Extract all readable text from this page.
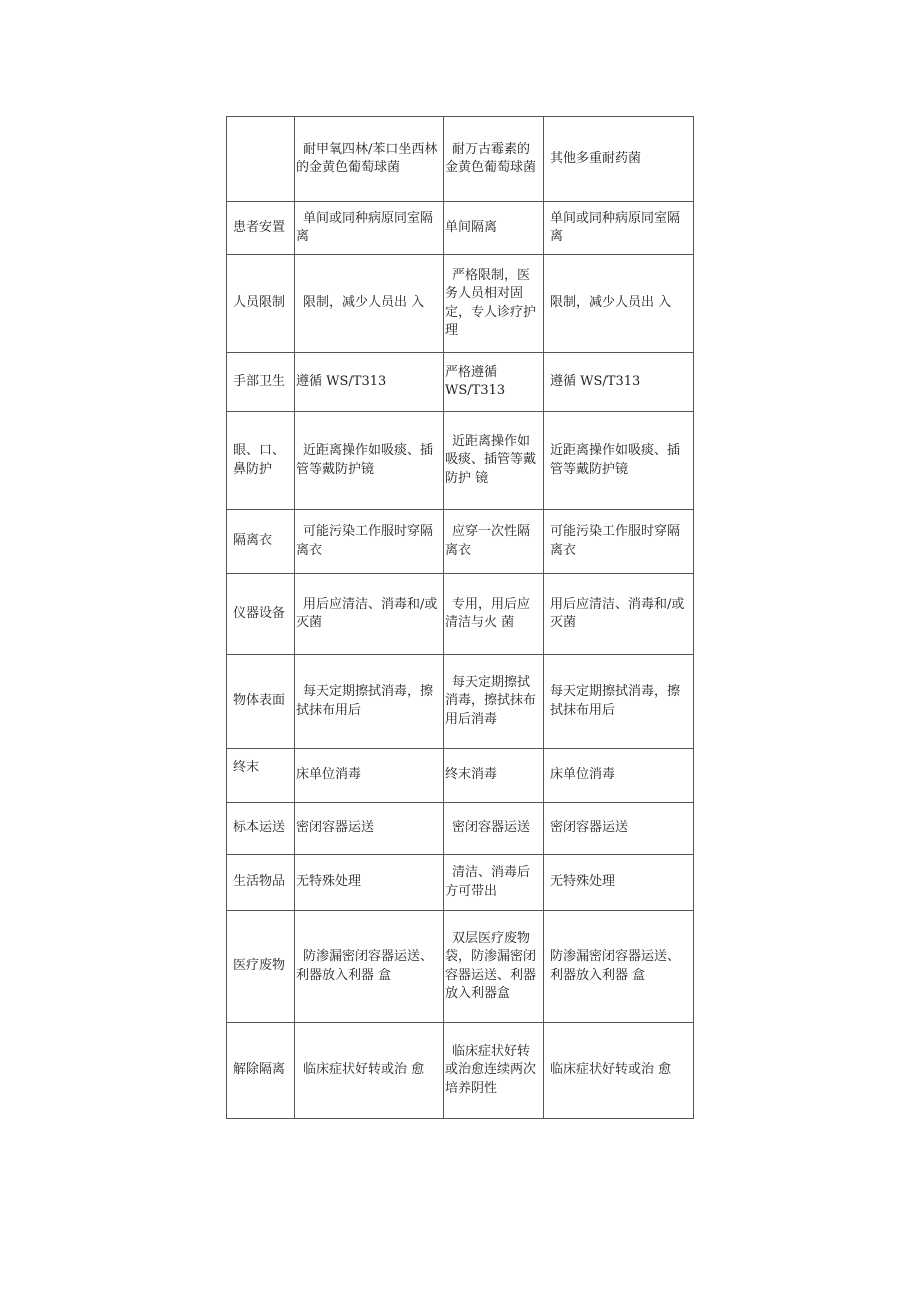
	耐甲氧四林/苯口坐西林的金黄色葡萄球菌	耐万古霉素的金黄色葡萄球菌	其他多重耐药菌
患者安置	单间或同种病原同室隔离	单间隔离	单间或同种病原同室隔离
人员限制	限制，减少人员出 入	严格限制，医务人员相对固定，专人诊疗护理	限制，减少人员出 入
手部卫生	遵循 WS/T313	严格遵循WS/T313	遵循 WS/T313
眼、口、鼻防护	近距离操作如吸痰、插管等戴防护镜	近距离操作如吸痰、插管等戴防护 镜	近距离操作如吸痰、插管等戴防护镜
隔离衣	可能污染工作服时穿隔离衣	应穿一次性隔离衣	可能污染工作服时穿隔离衣
仪器设备	用后应清洁、消毒和/或灭菌	专用，用后应清洁与火 菌	用后应清洁、消毒和/或灭菌
物体表面	每天定期擦拭消毒，擦拭抹布用后	每天定期擦拭消毒，擦拭抹布用后消毒	每天定期擦拭消毒，擦拭抹布用后
终末	床单位消毒	终末消毒	床单位消毒
标本运送	密闭容器运送	密闭容器运送	密闭容器运送
生活物品	无特殊处理	清洁、消毒后方可带出	无特殊处理
医疗废物	防渗漏密闭容器运送、利器放入利器 盒	双层医疗废物袋，防渗漏密闭容器运送、利器放入利器盒	防渗漏密闭容器运送、利器放入利器 盒
解除隔离	临床症状好转或治 愈	临床症状好转或治愈连续两次培养阴性	临床症状好转或治 愈
